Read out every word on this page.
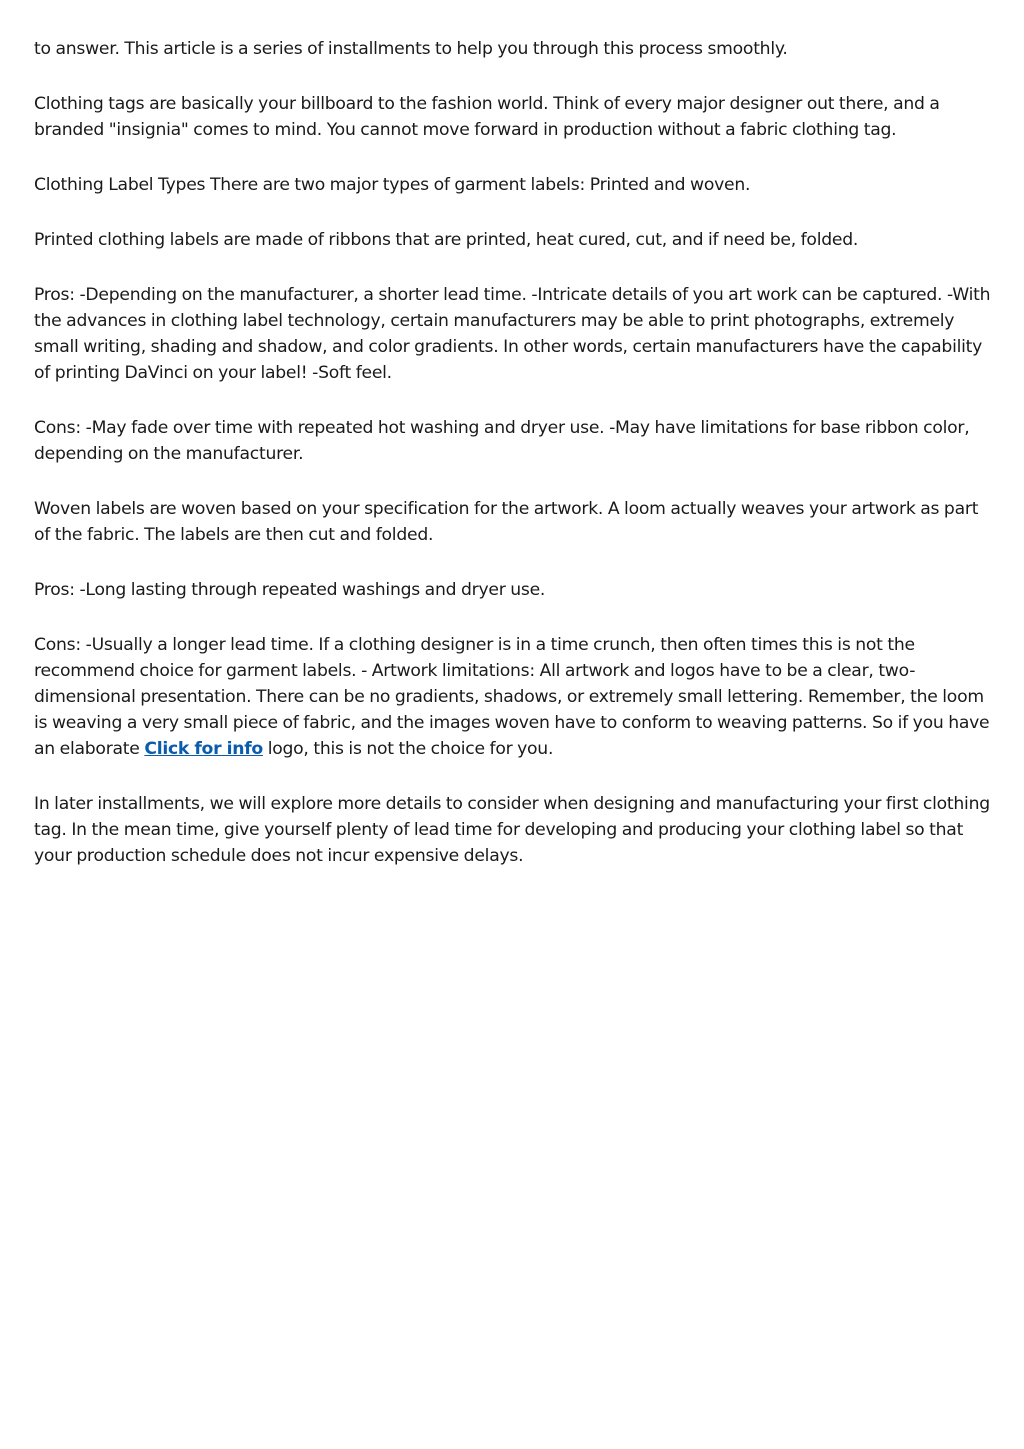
to answer. This article is a series of installments to help you through this process smoothly.

Clothing tags are basically your billboard to the fashion world. Think of every major designer out there, and a branded "insignia" comes to mind. You cannot move forward in production without a fabric clothing tag.

Clothing Label Types There are two major types of garment labels: Printed and woven.

Printed clothing labels are made of ribbons that are printed, heat cured, cut, and if need be, folded.

Pros: -Depending on the manufacturer, a shorter lead time. -Intricate details of you art work can be captured. -With the advances in clothing label technology, certain manufacturers may be able to print photographs, extremely small writing, shading and shadow, and color gradients. In other words, certain manufacturers have the capability of printing DaVinci on your label! -Soft feel.

Cons: -May fade over time with repeated hot washing and dryer use. -May have limitations for base ribbon color, depending on the manufacturer.

Woven labels are woven based on your specification for the artwork. A loom actually weaves your artwork as part of the fabric. The labels are then cut and folded.

Pros: -Long lasting through repeated washings and dryer use.

Cons: -Usually a longer lead time. If a clothing designer is in a time crunch, then often times this is not the recommend choice for garment labels. - Artwork limitations: All artwork and logos have to be a clear, two-dimensional presentation. There can be no gradients, shadows, or extremely small lettering. Remember, the loom is weaving a very small piece of fabric, and the images woven have to conform to weaving patterns. So if you have an elaborate Click for info logo, this is not the choice for you.

In later installments, we will explore more details to consider when designing and manufacturing your first clothing tag. In the mean time, give yourself plenty of lead time for developing and producing your clothing label so that your production schedule does not incur expensive delays.
